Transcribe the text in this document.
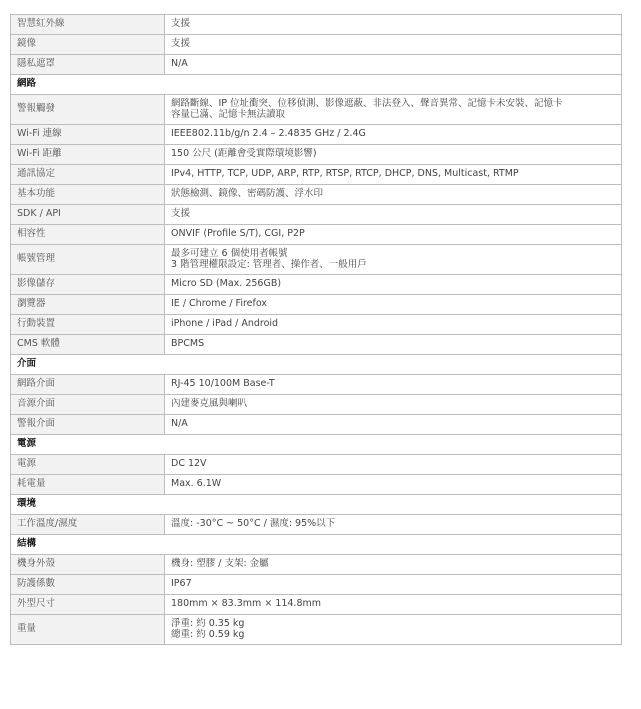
智慧紅外線	支援

鏡像	支援

隱私遮罩	N/A

網路	
警報觸發	網路斷線、IP 位址衝突、位移偵測、影像遮蔽、非法登入、聲音異常、記憶卡未安裝、記憶卡
容量已滿、記憶卡無法讀取

Wi-Fi 連線	IEEE802.11b/g/n 2.4 – 2.4835 GHz / 2.4G

Wi-Fi 距離	150 公尺 (距離會受實際環境影響)

通訊協定	IPv4, HTTP, TCP, UDP, ARP, RTP, RTSP, RTCP, DHCP, DNS, Multicast, RTMP

基本功能	狀態檢測、鏡像、密碼防護、浮水印

SDK / API	支援

相容性	ONVIF (Profile S/T), CGI, P2P

帳號管理	最多可建立 6 個使用者帳號
3 階管理權限設定: 管理者、操作者、一般用戶

影像儲存	Micro SD (Max. 256GB)

瀏覽器	IE / Chrome / Firefox

行動裝置	iPhone / iPad / Android

CMS 軟體	BPCMS

介面	
網路介面	RJ-45 10/100M Base-T

音源介面	內建麥克風與喇叭

警報介面	N/A

電源	
電源	DC 12V

耗電量	Max. 6.1W

環境	
工作溫度/濕度	溫度: -30°C ~ 50°C / 濕度: 95%以下

結構	
機身外殼	機身: 塑膠 / 支架: 金屬

防護係數	IP67

外型尺寸	180mm × 83.3mm × 114.8mm

重量	淨重: 約 0.35 kg
總重: 約 0.59 kg
